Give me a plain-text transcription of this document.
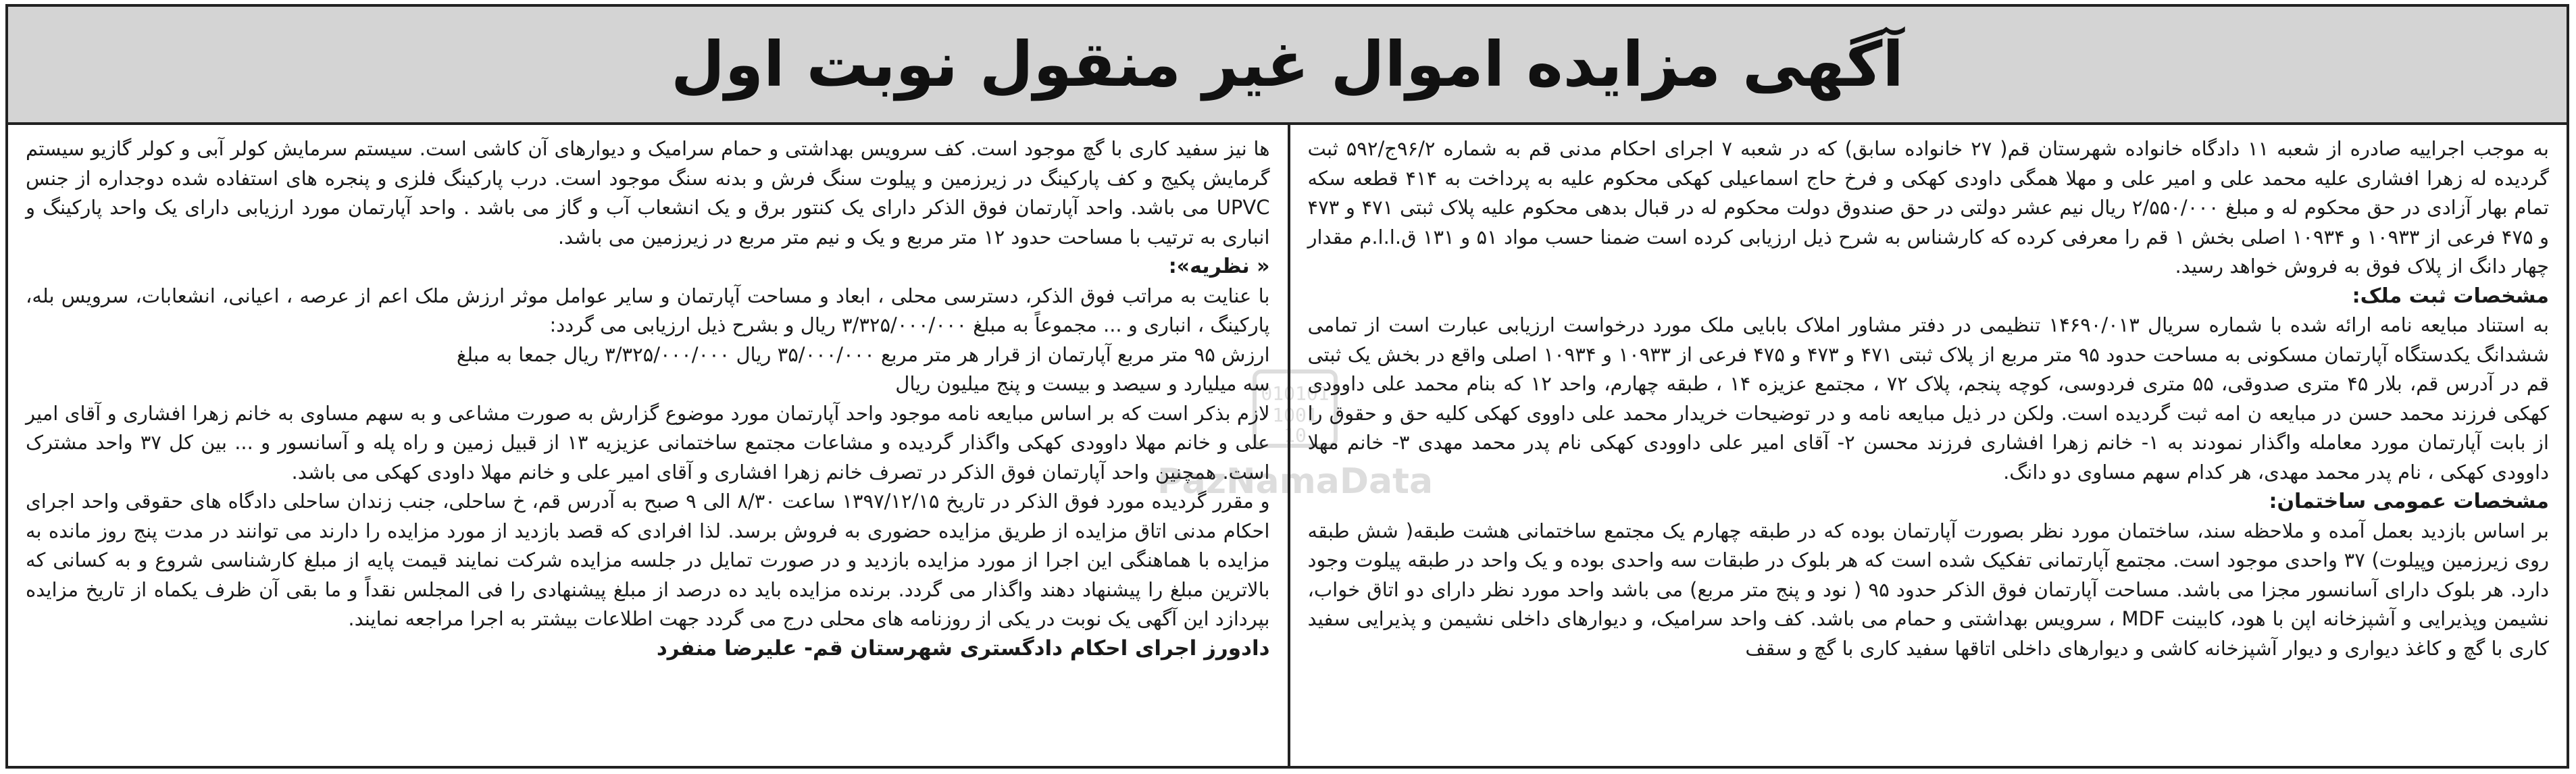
آگهی مزایده اموال غیر منقول نوبت اول

به موجب اجراییه صادره از شعبه ۱۱ دادگاه خانواده شهرستان قم( ۲۷ خانواده سابق) که در شعبه ۷ اجرای احکام مدنی قم به شماره ۹۶/۲ج/۵۹۲ ثبت گردیده له زهرا افشاری علیه محمد علی و امیر علی و مهلا همگی داودی کهکی و فرخ حاج اسماعیلی کهکی محکوم علیه به پرداخت به ۴۱۴ قطعه سکه تمام بهار آزادی در حق محکوم له و مبلغ ۲/۵۵۰/۰۰۰ ریال نیم عشر دولتی در حق صندوق دولت محکوم له در قبال بدهی محکوم علیه پلاک ثبتی ۴۷۱ و ۴۷۳ و ۴۷۵ فرعی از ۱۰۹۳۳ و ۱۰۹۳۴ اصلی بخش ۱ قم را معرفی کرده که کارشناس به شرح ذیل ارزیابی کرده است ضمنا حسب مواد ۵۱ و ۱۳۱ ق.ا.ا.م مقدار چهار دانگ از پلاک فوق به فروش خواهد رسید.

مشخصات ثبت ملک:

به استناد مبایعه نامه ارائه شده با شماره سریال ۱۴۶۹۰/۰۱۳ تنظیمی در دفتر مشاور املاک بابایی ملک مورد درخواست ارزیابی عبارت است از تمامی ششدانگ یکدستگاه آپارتمان مسکونی به مساحت حدود ۹۵ متر مربع از پلاک ثبتی ۴۷۱ و ۴۷۳ و ۴۷۵ فرعی از ۱۰۹۳۳ و ۱۰۹۳۴ اصلی واقع در بخش یک ثبتی قم در آدرس قم، بلار ۴۵ متری صدوقی، ۵۵ متری فردوسی، کوچه پنجم، پلاک ۷۲ ، مجتمع عزیزه ۱۴ ، طبقه چهارم، واحد ۱۲ که بنام محمد علی داوودی کهکی فرزند محمد حسن در مبایعه ن امه ثبت گردیده است. ولکن در ذیل مبایعه نامه و در توضیحات خریدار محمد علی داووی کهکی کلیه حق و حقوق را از بابت آپارتمان مورد معامله واگذار نمودند به ۱- خانم زهرا افشاری فرزند محسن ۲- آقای امیر علی داوودی کهکی نام پدر محمد مهدی ۳- خانم مهلا داوودی کهکی ، نام پدر محمد مهدی، هر کدام سهم مساوی دو دانگ.

مشخصات عمومی ساختمان:

بر اساس بازدید بعمل آمده و ملاحظه سند، ساختمان مورد نظر بصورت آپارتمان بوده که در طبقه چهارم یک مجتمع ساختمانی هشت طبقه( شش طبقه روی زیرزمین وپیلوت) ۳۷ واحدی موجود است. مجتمع آپارتمانی تفکیک شده است که هر بلوک در طبقات سه واحدی بوده و یک واحد در طبقه پیلوت وجود دارد. هر بلوک دارای آسانسور مجزا می باشد. مساحت آپارتمان فوق الذکر حدود ۹۵ ( نود و پنج متر مربع) می باشد واحد مورد نظر دارای دو اتاق خواب، نشیمن وپذیرایی و آشپزخانه اپن با هود، کابینت MDF ، سرویس بهداشتی و حمام می باشد. کف واحد سرامیک، و دیوارهای داخلی نشیمن و پذیرایی سفید کاری با گچ و کاغذ دیواری و دیوار آشپزخانه کاشی و دیوارهای داخلی اتاقها سفید کاری با گچ و سقف

ها نیز سفید کاری با گچ موجود است. کف سرویس بهداشتی و حمام سرامیک و دیوارهای آن کاشی است. سیستم سرمایش کولر آبی و کولر گازیو سیستم گرمایش پکیج و کف پارکینگ در زیرزمین و پیلوت سنگ فرش و بدنه سنگ موجود است. درب پارکینگ فلزی و پنجره های استفاده شده دوجداره از جنس UPVC می باشد. واحد آپارتمان فوق الذکر دارای یک کنتور برق و یک انشعاب آب و گاز می باشد . واحد آپارتمان مورد ارزیابی دارای یک واحد پارکینگ و انباری به ترتیب با مساحت حدود ۱۲ متر مربع و یک و نیم متر مربع در زیرزمین می باشد.

« نظریه»:

با عنایت به مراتب فوق الذکر، دسترسی محلی ، ابعاد و مساحت آپارتمان و سایر عوامل موثر ارزش ملک اعم از عرصه ، اعیانی، انشعابات، سرویس بله، پارکینگ ، انباری و ... مجموعاً به مبلغ ۳/۳۲۵/۰۰۰/۰۰۰ ریال و بشرح ذیل ارزیابی می گردد:

ارزش ۹۵ متر مربع آپارتمان از قرار هر متر مربع ۳۵/۰۰۰/۰۰۰ ریال ۳/۳۲۵/۰۰۰/۰۰۰ ریال جمعا به مبلغ

سه میلیارد و سیصد و بیست و پنج میلیون ریال

لازم بذکر است که بر اساس مبایعه نامه موجود واحد آپارتمان مورد موضوع گزارش به صورت مشاعی و به سهم مساوی به خانم زهرا افشاری و آقای امیر علی و خانم مهلا داوودی کهکی واگذار گردیده و مشاعات مجتمع ساختمانی عزیزیه ۱۳ از قبیل زمین و راه پله و آسانسور و ... بین کل ۳۷ واحد مشترک است. همچنین واحد آپارتمان فوق الذکر در تصرف خانم زهرا افشاری و آقای امیر علی و خانم مهلا داودی کهکی می باشد.

و مقرر گردیده مورد فوق الذکر در تاریخ ۱۳۹۷/۱۲/۱۵ ساعت ۸/۳۰ الی ۹ صبح به آدرس قم، خ ساحلی، جنب زندان ساحلی دادگاه های حقوقی واحد اجرای احکام مدنی اتاق مزایده از طریق مزایده حضوری به فروش برسد. لذا افرادی که قصد بازدید از مورد مزایده را دارند می توانند در مدت پنج روز مانده به مزایده با هماهنگی این اجرا از مورد مزایده بازدید و در صورت تمایل در جلسه مزایده شرکت نمایند قیمت پایه از مبلغ کارشناسی شروع و به کسانی که بالاترین مبلغ را پیشنهاد دهند واگذار می گردد. برنده مزایده باید ده درصد از مبلغ پیشنهادی را فی المجلس نقداً و ما بقی آن ظرف یکماه از تاریخ مزایده بپردازد این آگهی یک نوبت در یکی از روزنامه های محلی درج می گردد جهت اطلاعات بیشتر به اجرا مراجعه نمایند.

دادورز اجرای احکام دادگستری شهرستان قم- علیرضا منفرد

010101
1001
10
PazNamaData
